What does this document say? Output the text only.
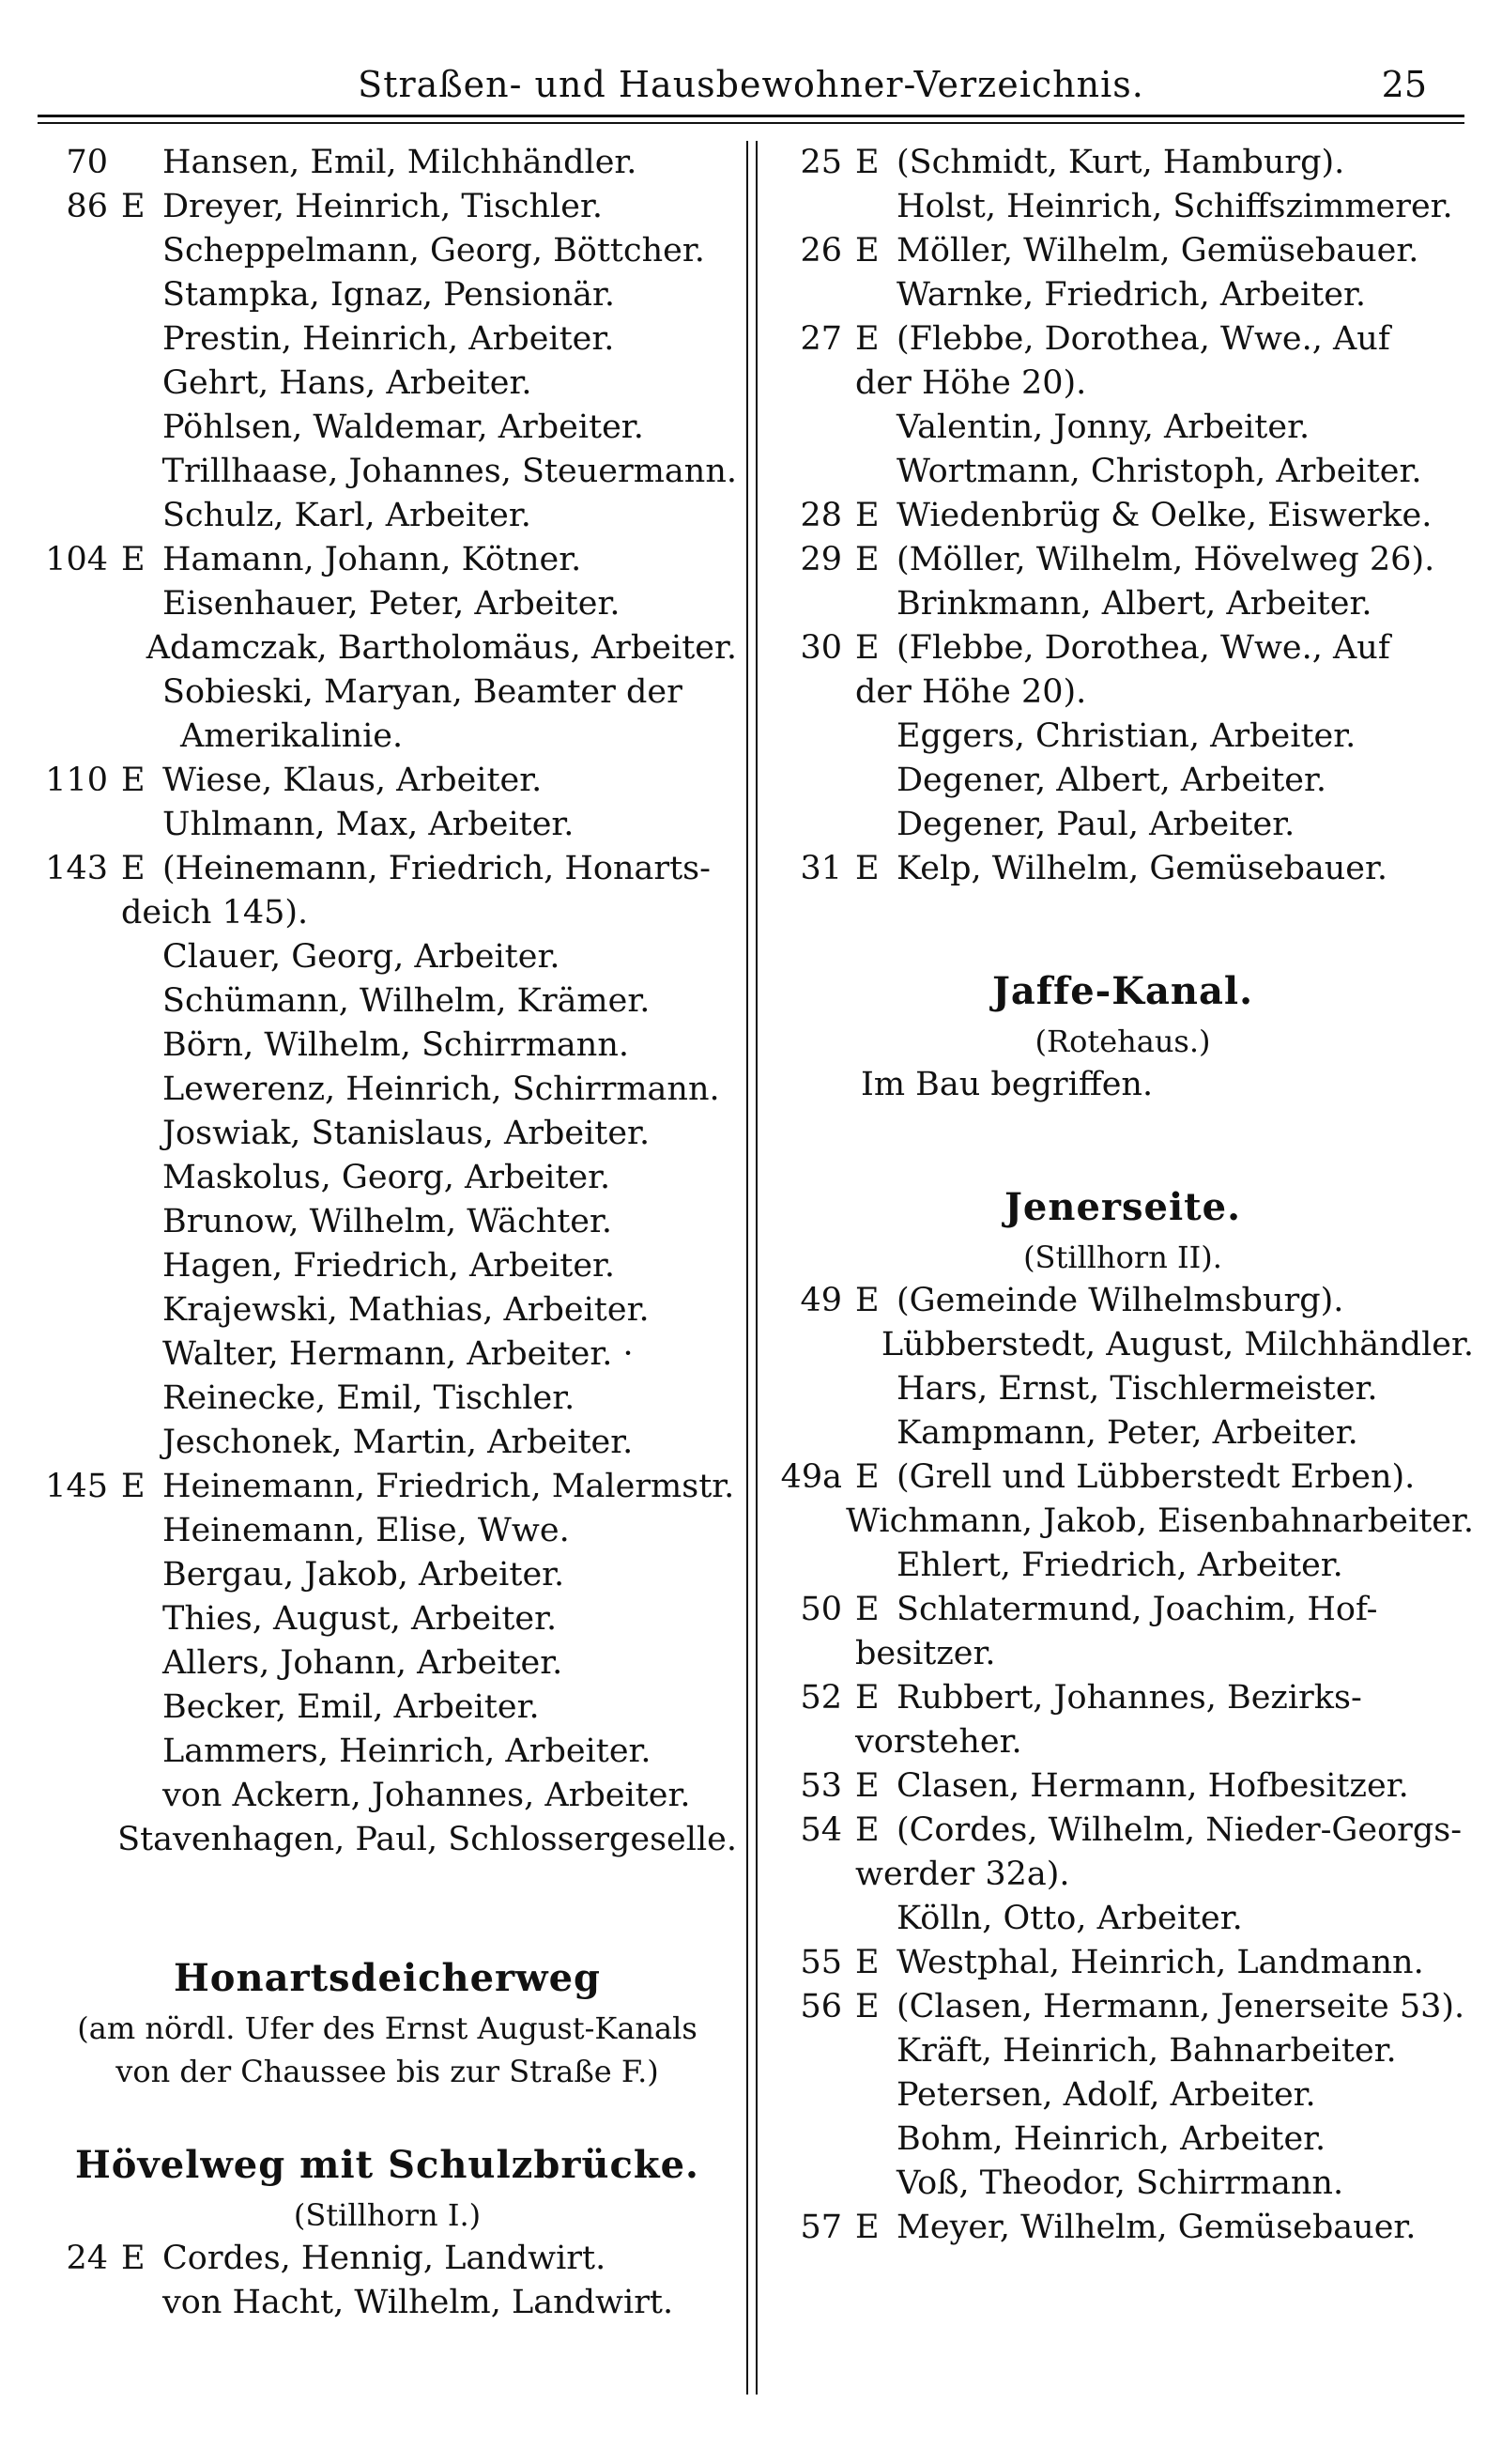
Straßen- und Hausbewohner-Verzeichnis.	25
70	Hansen, Emil, Milchhändler.
86 E Dreyer, Heinrich, Tischler.
Scheppelmann, Georg, Böttcher.
Stampka, Ignaz, Pensionär.
Prestin, Heinrich, Arbeiter.
Gehrt, Hans, Arbeiter.
Pöhlsen, Waldemar, Arbeiter.
Trillhaase, Johannes, Steuermann.
Schulz, Karl, Arbeiter.
104 E Hamann, Johann, Kötner.
Eisenhauer, Peter, Arbeiter.
Adamczak, Bartholomäus, Arbeiter.
Sobieski, Maryan, Beamter der
Amerikalinie.
110 E Wiese, Klaus, Arbeiter.
Uhlmann, Max, Arbeiter.
143 E (Heinemann, Friedrich, Honarts-
deich 145).
Clauer, Georg, Arbeiter.
Schümann, Wilhelm, Krämer.
Börn, Wilhelm, Schirrmann.
Lewerenz, Heinrich, Schirrmann.
Joswiak, Stanislaus, Arbeiter.
Maskolus, Georg, Arbeiter.
Brunow, Wilhelm, Wächter.
Hagen, Friedrich, Arbeiter.
Krajewski, Mathias, Arbeiter.
Walter, Hermann, Arbeiter. ·
Reinecke, Emil, Tischler.
Jeschonek, Martin, Arbeiter.
145 E Heinemann, Friedrich, Malermstr.
Heinemann, Elise, Wwe.
Bergau, Jakob, Arbeiter.
Thies, August, Arbeiter.
Allers, Johann, Arbeiter.
Becker, Emil, Arbeiter.
Lammers, Heinrich, Arbeiter.
von Ackern, Johannes, Arbeiter.
Stavenhagen, Paul, Schlossergeselle.
Honartsdeicherweg
(am nördl. Ufer des Ernst August-Kanals
von der Chaussee bis zur Straße F.)
Hövelweg mit Schulzbrücke.
(Stillhorn I.)
24 E Cordes, Hennig, Landwirt.
von Hacht, Wilhelm, Landwirt.
25 E (Schmidt, Kurt, Hamburg).
Holst, Heinrich, Schiffszimmerer.
26 E Möller, Wilhelm, Gemüsebauer.
Warnke, Friedrich, Arbeiter.
27 E (Flebbe, Dorothea, Wwe., Auf
der Höhe 20).
Valentin, Jonny, Arbeiter.
Wortmann, Christoph, Arbeiter.
28 E Wiedenbrüg & Oelke, Eiswerke.
29 E (Möller, Wilhelm, Hövelweg 26).
Brinkmann, Albert, Arbeiter.
30 E (Flebbe, Dorothea, Wwe., Auf
der Höhe 20).
Eggers, Christian, Arbeiter.
Degener, Albert, Arbeiter.
Degener, Paul, Arbeiter.
31 E Kelp, Wilhelm, Gemüsebauer.
Jaffe-Kanal.
(Rotehaus.)
Im Bau begriffen.
Jenerseite.
(Stillhorn II).
49 E (Gemeinde Wilhelmsburg).
Lübberstedt, August, Milchhändler.
Hars, Ernst, Tischlermeister.
Kampmann, Peter, Arbeiter.
49a E (Grell und Lübberstedt Erben).
Wichmann, Jakob, Eisenbahnarbeiter.
Ehlert, Friedrich, Arbeiter.
50 E Schlatermund, Joachim, Hof-
besitzer.
52 E Rubbert, Johannes, Bezirks-
vorsteher.
53 E Clasen, Hermann, Hofbesitzer.
54 E (Cordes, Wilhelm, Nieder-Georgs-
werder 32a).
Kölln, Otto, Arbeiter.
55 E Westphal, Heinrich, Landmann.
56 E (Clasen, Hermann, Jenerseite 53).
Kräft, Heinrich, Bahnarbeiter.
Petersen, Adolf, Arbeiter.
Bohm, Heinrich, Arbeiter.
Voß, Theodor, Schirrmann.
57 E Meyer, Wilhelm, Gemüsebauer.
